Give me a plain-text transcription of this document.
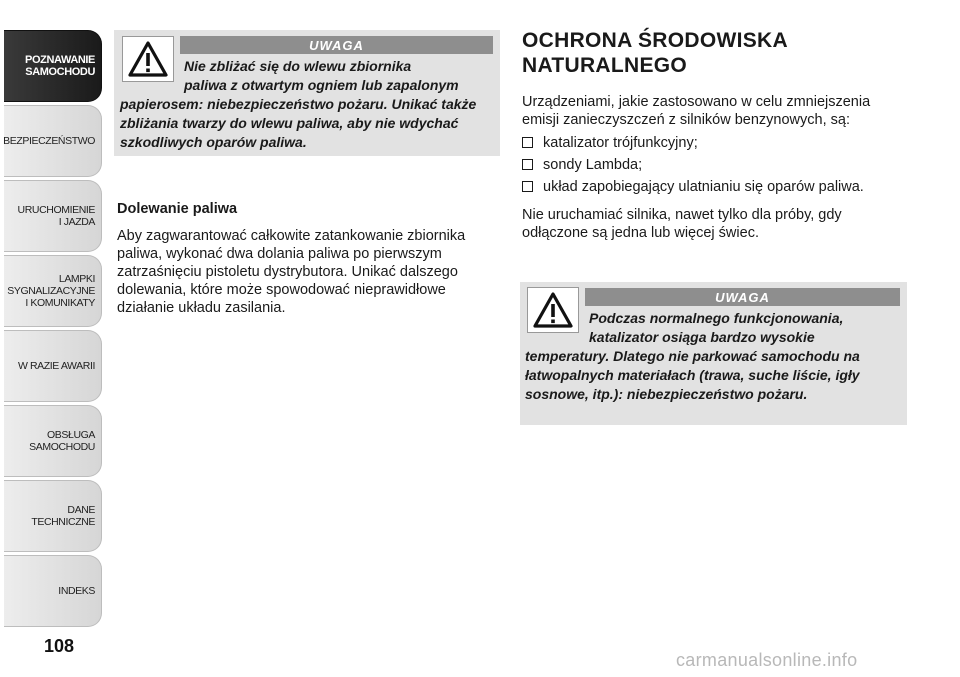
POZNAWANIE
SAMOCHODU
BEZPIECZEŃSTWO
URUCHOMIENIE
I JAZDA
LAMPKI
SYGNALIZACYJNE
I KOMUNIKATY
W RAZIE AWARII
OBSŁUGA
SAMOCHODU
DANE
TECHNICZNE
INDEKS
108
UWAGA
Nie zbliżać się do wlewu zbiornika
paliwa z otwartym ogniem lub zapalonym
papierosem: niebezpieczeństwo pożaru. Unikać także zbliżania twarzy do wlewu paliwa, aby nie wdychać szkodliwych oparów paliwa.
Dolewanie paliwa
Aby zagwarantować całkowite zatankowanie zbiornika paliwa, wykonać dwa dolania paliwa po pierwszym zatrzaśnięciu pistoletu dystrybutora. Unikać dalszego dolewania, które może spowodować nieprawidłowe działanie układu zasilania.
OCHRONA ŚRODOWISKA NATURALNEGO
Urządzeniami, jakie zastosowano w celu zmniejszenia emisji zanieczyszczeń z silników benzynowych, są:
katalizator trójfunkcyjny;
sondy Lambda;
układ zapobiegający ulatnianiu się oparów paliwa.
Nie uruchamiać silnika, nawet tylko dla próby, gdy odłączone są jedna lub więcej świec.
UWAGA
Podczas normalnego funkcjonowania,
katalizator osiąga bardzo wysokie
temperatury. Dlatego nie parkować samochodu na łatwopalnych materiałach (trawa, suche liście, igły sosnowe, itp.): niebezpieczeństwo pożaru.
carmanualsonline.info
